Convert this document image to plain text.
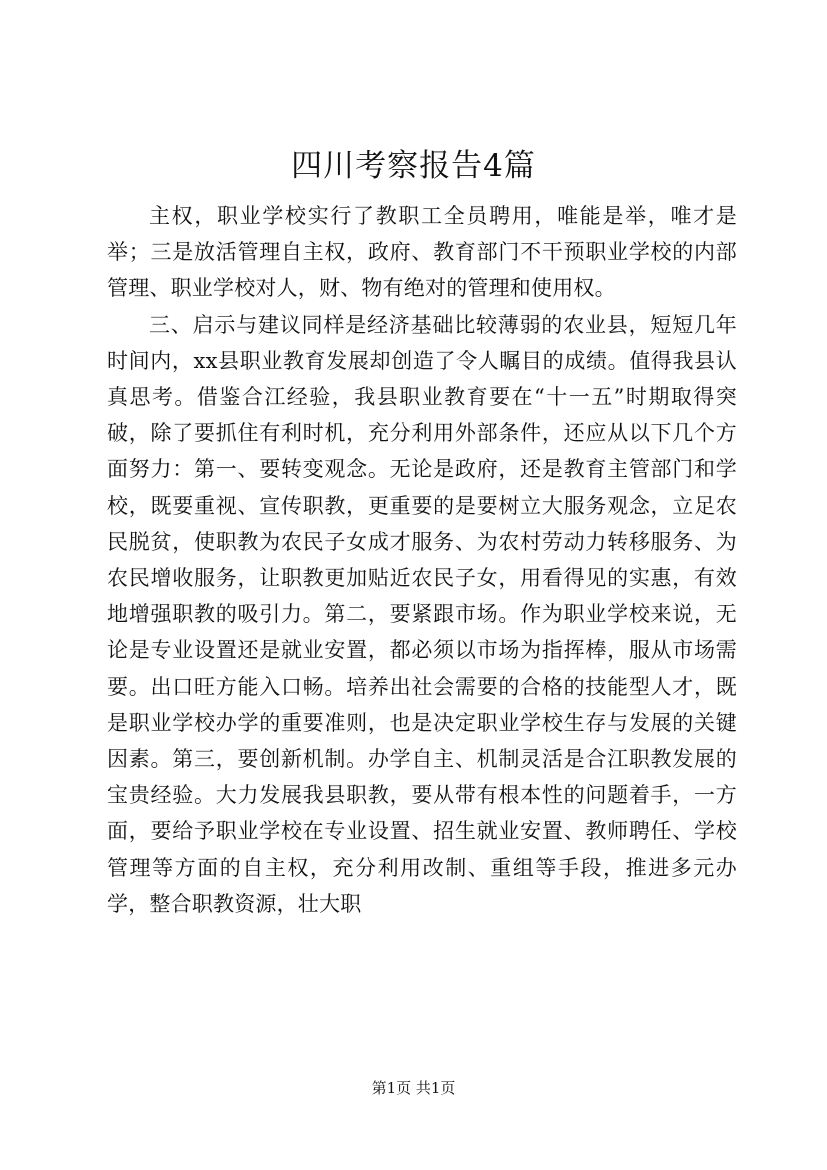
四川考察报告4篇

主权，职业学校实行了教职工全员聘用，唯能是举，唯才是举；三是放活管理自主权，政府、教育部门不干预职业学校的内部管理、职业学校对人，财、物有绝对的管理和使用权。

三、启示与建议同样是经济基础比较薄弱的农业县，短短几年时间内，xx县职业教育发展却创造了令人瞩目的成绩。值得我县认真思考。借鉴合江经验，我县职业教育要在“十一五”时期取得突破，除了要抓住有利时机，充分利用外部条件，还应从以下几个方面努力：第一、要转变观念。无论是政府，还是教育主管部门和学校，既要重视、宣传职教，更重要的是要树立大服务观念，立足农民脱贫，使职教为农民子女成才服务、为农村劳动力转移服务、为农民增收服务，让职教更加贴近农民子女，用看得见的实惠，有效地增强职教的吸引力。第二，要紧跟市场。作为职业学校来说，无论是专业设置还是就业安置，都必须以市场为指挥棒，服从市场需要。出口旺方能入口畅。培养出社会需要的合格的技能型人才，既是职业学校办学的重要准则，也是决定职业学校生存与发展的关键因素。第三，要创新机制。办学自主、机制灵活是合江职教发展的宝贵经验。大力发展我县职教，要从带有根本性的问题着手，一方面，要给予职业学校在专业设置、招生就业安置、教师聘任、学校管理等方面的自主权，充分利用改制、重组等手段，推进多元办学，整合职教资源，壮大职

第1页 共1页
